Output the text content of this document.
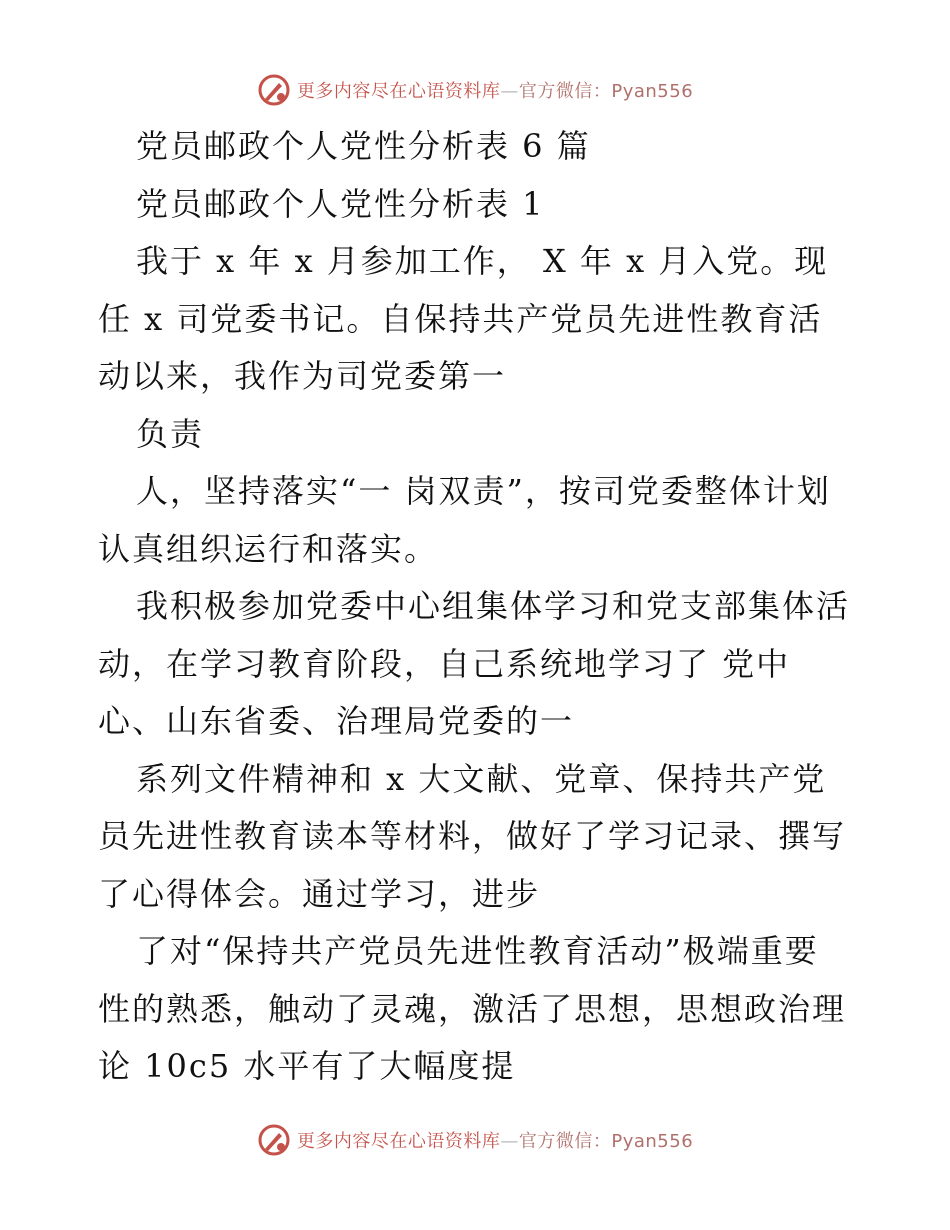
更多内容尽在心语资料库—官方微信：Pyan556
党员邮政个人党性分析表 6 篇
党员邮政个人党性分析表 1
我于 x 年 x 月参加工作， X 年 x 月入党。现
任 x 司党委书记。自保持共产党员先进性教育活
动以来，我作为司党委第一
负责
人，坚持落实“一 岗双责”，按司党委整体计划
认真组织运行和落实。
我积极参加党委中心组集体学习和党支部集体活
动，在学习教育阶段，自己系统地学习了 党中
心、山东省委、治理局党委的一
系列文件精神和 x 大文献、党章、保持共产党
员先进性教育读本等材料，做好了学习记录、撰写
了心得体会。通过学习，进步
了对“保持共产党员先进性教育活动”极端重要
性的熟悉，触动了灵魂，激活了思想，思想政治理
论 10c5 水平有了大幅度提
更多内容尽在心语资料库—官方微信：Pyan556
